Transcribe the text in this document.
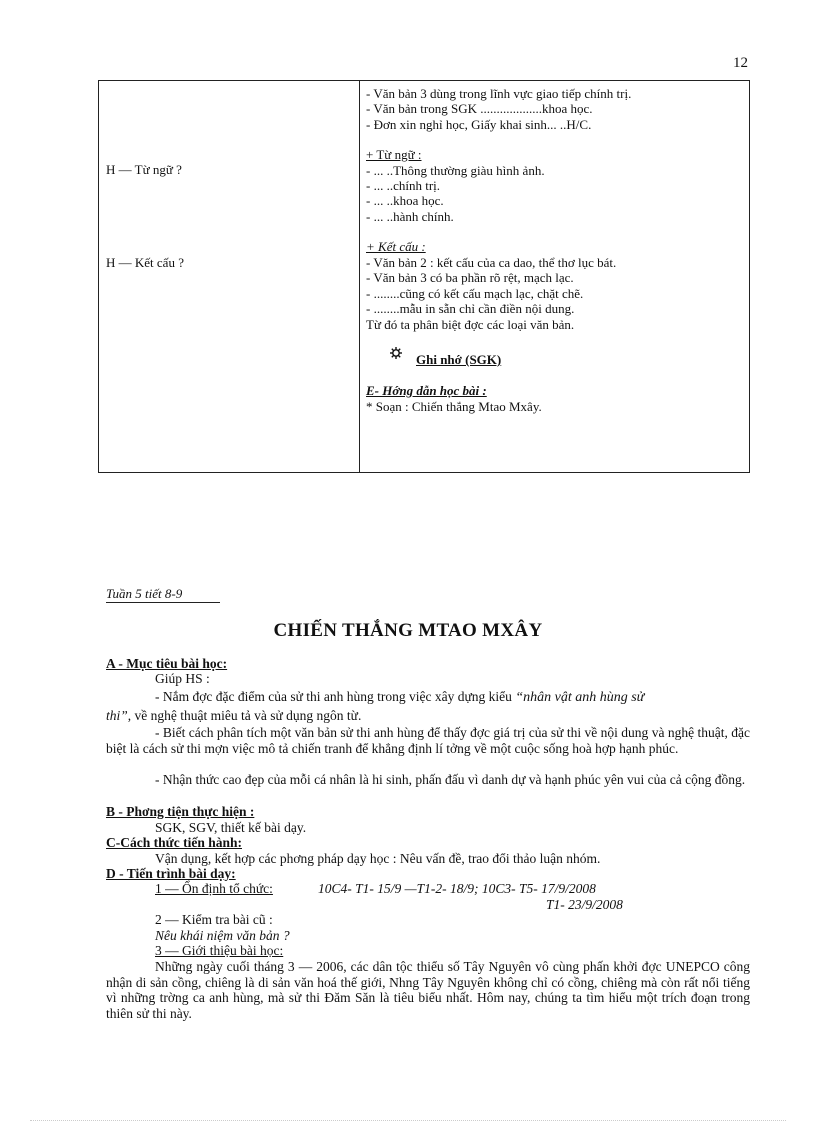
12
H — Từ ngữ ?
H — Kết cấu ?
- Văn bản 3 dùng trong lĩnh vực giao tiếp chính trị.
- Văn bản trong SGK ...................khoa học.
- Đơn xin nghỉ học, Giấy khai sinh... ..H/C.
+ Từ ngữ :
- ... ..Thông thường giàu hình ảnh.
- ... ..chính trị.
- ... ..khoa học.
- ... ..hành chính.
+ Kết cấu :
- Văn bản 2 : kết cấu của ca dao, thể thơ lục bát.
- Văn bản 3 có ba phần rõ rệt, mạch lạc.
- ........cũng có kết cấu mạch lạc, chặt chẽ.
- ........mẫu in sẵn chỉ cần điền nội dung.
Từ đó ta phân biệt đợc các loại văn bản.
Ghi nhớ (SGK)
E- Hớng dẫn học bài :
* Soạn : Chiến thắng Mtao Mxây.
Tuần 5 tiết 8-9
CHIẾN THẮNG MTAO MXÂY
A - Mục tiêu bài học:
Giúp HS :
- Nắm đợc đặc điểm của sử thi anh hùng trong việc xây dựng kiểu “nhân vật anh hùng sử
thi”, về nghệ thuật miêu tả và sử dụng ngôn từ.
- Biết cách phân tích một văn bản sử thi anh hùng để thấy đợc giá trị của sử thi về nội dung và nghệ thuật, đặc biệt là cách sử thi mợn việc mô tả chiến tranh để khẳng định lí tởng về một cuộc sống hoà hợp hạnh phúc.
- Nhận thức cao đẹp của mỗi cá nhân là hi sinh, phấn đấu vì danh dự và hạnh phúc yên vui của cả cộng đồng.
B - Phơng tiện thực hiện :
SGK, SGV, thiết kế bài dạy.
C-Cách thức tiến hành:
Vận dụng, kết hợp các phơng pháp dạy học : Nêu vấn đề, trao đổi thảo luận nhóm.
D - Tiến trình bài dạy:
1 — Ổn định tổ chức:	10C4- T1- 15/9 —T1-2- 18/9; 10C3- T5- 17/9/2008
T1- 23/9/2008
2 — Kiểm tra bài cũ :
Nêu khái niệm văn bản ?
3 — Giới thiệu bài học:
Những ngày cuối tháng 3 — 2006, các dân tộc thiểu số Tây Nguyên vô cùng phấn khởi đợc UNEPCO công nhận di sản cồng, chiêng là di sản văn hoá thế giới, Nhng Tây Nguyên không chỉ có cồng, chiêng mà còn rất nổi tiếng vì những trờng ca anh hùng, mà sử thi Đăm Săn là tiêu biểu nhất. Hôm nay, chúng ta tìm hiểu một trích đoạn trong thiên sử thi này.
